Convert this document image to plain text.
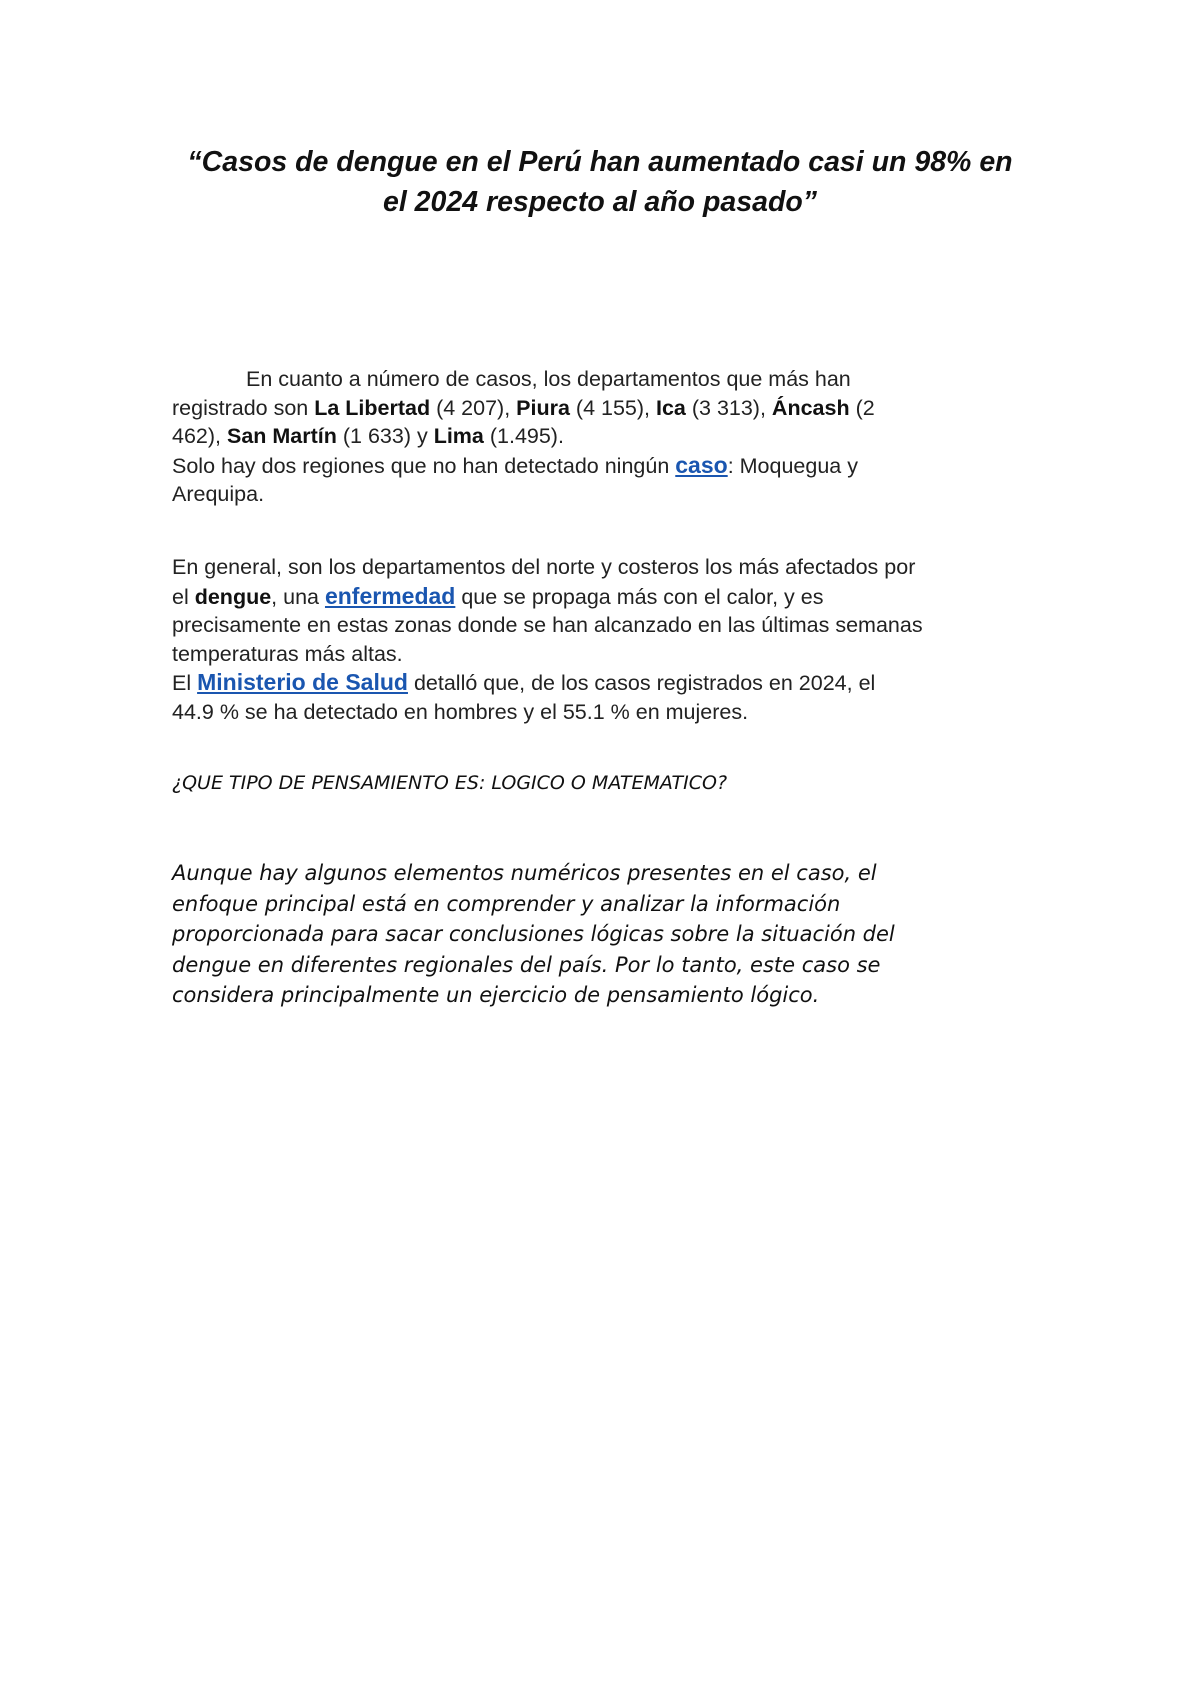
“Casos de dengue en el Perú han aumentado casi un 98% en
el 2024 respecto al año pasado”

En cuanto a número de casos, los departamentos que más han
registrado son La Libertad (4 207), Piura (4 155), Ica (3 313), Áncash (2
462), San Martín (1 633) y Lima (1.495).
Solo hay dos regiones que no han detectado ningún caso: Moquegua y
Arequipa.

En general, son los departamentos del norte y costeros los más afectados por
el dengue, una enfermedad que se propaga más con el calor, y es
precisamente en estas zonas donde se han alcanzado en las últimas semanas
temperaturas más altas.
El Ministerio de Salud detalló que, de los casos registrados en 2024, el
44.9 % se ha detectado en hombres y el 55.1 % en mujeres.

¿QUE TIPO DE PENSAMIENTO ES: LOGICO O MATEMATICO?

Aunque hay algunos elementos numéricos presentes en el caso, el
enfoque principal está en comprender y analizar la información
proporcionada para sacar conclusiones lógicas sobre la situación del
dengue en diferentes regionales del país. Por lo tanto, este caso se
considera principalmente un ejercicio de pensamiento lógico.
